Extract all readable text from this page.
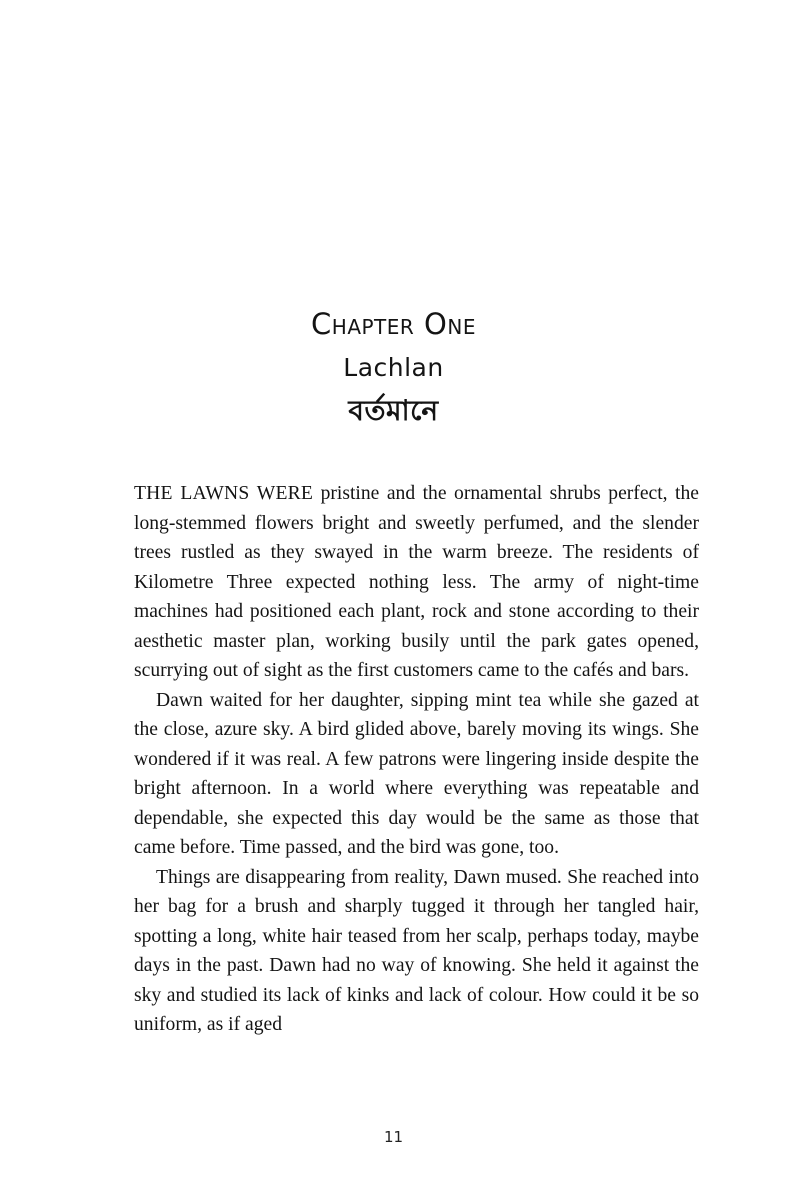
Chapter One
Lachlan
বর্তমানে

THE LAWNS WERE pristine and the ornamental shrubs perfect, the long-stemmed flowers bright and sweetly perfumed, and the slender trees rustled as they swayed in the warm breeze. The residents of Kilometre Three expected nothing less. The army of night-time machines had positioned each plant, rock and stone according to their aesthetic master plan, working busily until the park gates opened, scurrying out of sight as the first customers came to the cafés and bars.

Dawn waited for her daughter, sipping mint tea while she gazed at the close, azure sky. A bird glided above, barely moving its wings. She wondered if it was real. A few patrons were lingering inside despite the bright afternoon. In a world where everything was repeatable and dependable, she expected this day would be the same as those that came before. Time passed, and the bird was gone, too.

Things are disappearing from reality, Dawn mused. She reached into her bag for a brush and sharply tugged it through her tangled hair, spotting a long, white hair teased from her scalp, perhaps today, maybe days in the past. Dawn had no way of knowing. She held it against the sky and studied its lack of kinks and lack of colour. How could it be so uniform, as if aged

11
